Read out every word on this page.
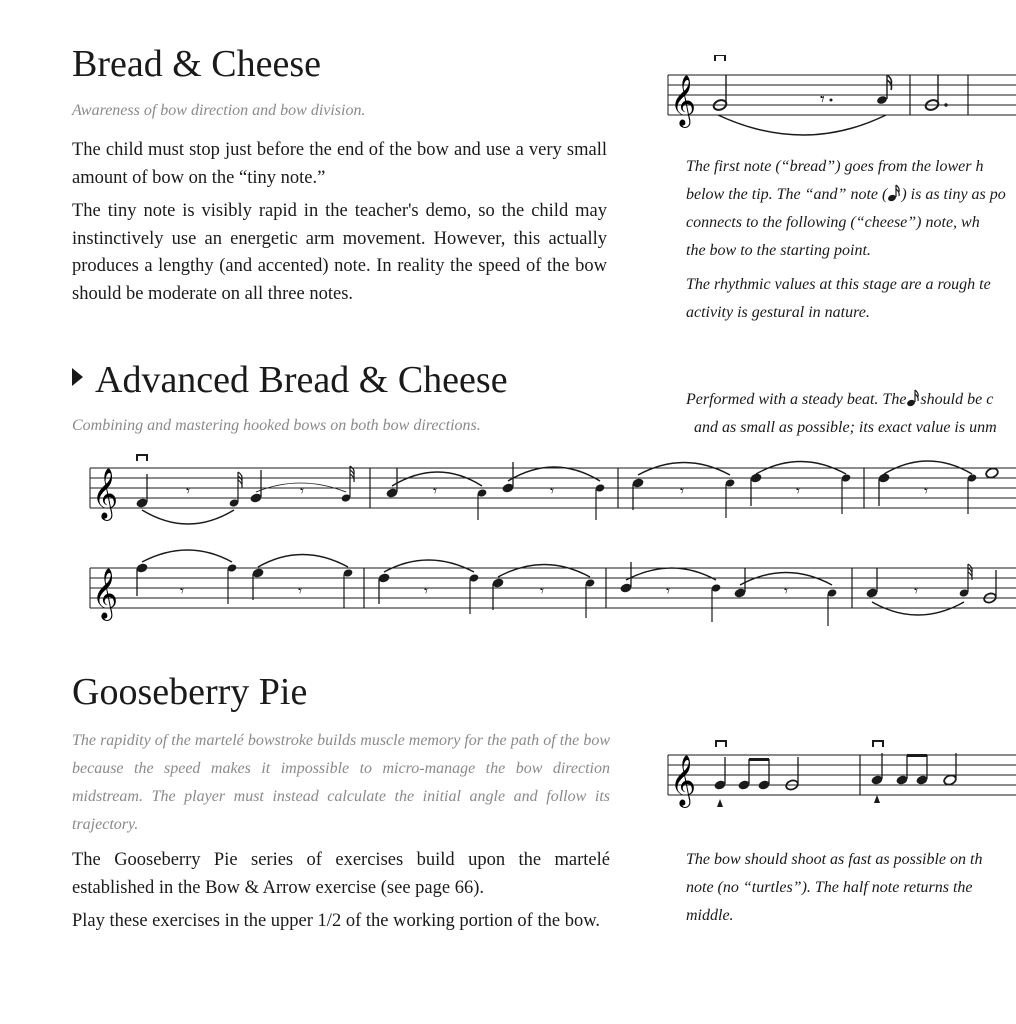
Bread & Cheese

Awareness of bow direction and bow division.

The child must stop just before the end of the bow and use a very small amount of bow on the “tiny note.”

The tiny note is visibly rapid in the teacher's demo, so the child may instinctively use an energetic arm movement. However, this actually produces a lengthy (and accented) note. In reality the speed of the bow should be moderate on all three notes.

𝄞	𝄾

The first note (“bread”) goes from the lower h

below the tip. The “and” note ( ) is as tiny as po

connects to the following (“cheese”) note, wh

the bow to the starting point.

The rhythmic values at this stage are a rough te

activity is gestural in nature.

Advanced Bread & Cheese

Combining and mastering hooked bows on both bow directions.

Performed with a steady beat. The should be c

and as small as possible; its exact value is unm

𝄞	𝄾	𝄾	𝄾	𝄾	𝄾	𝄾	𝄾
𝄞	𝄾	𝄾	𝄾	𝄾	𝄾	𝄾	𝄾
Gooseberry Pie

The rapidity of the martelé bowstroke builds muscle memory for the path of the bow because the speed makes it impossible to micro-manage the bow direction midstream. The player must instead calculate the initial angle and follow its trajectory.

The Gooseberry Pie series of exercises build upon the martelé established in the Bow & Arrow exercise (see page 66).

Play these exercises in the upper 1/2 of the working portion of the bow.

𝄞

The bow should shoot as fast as possible on th

note (no “turtles”). The half note returns the

middle.
